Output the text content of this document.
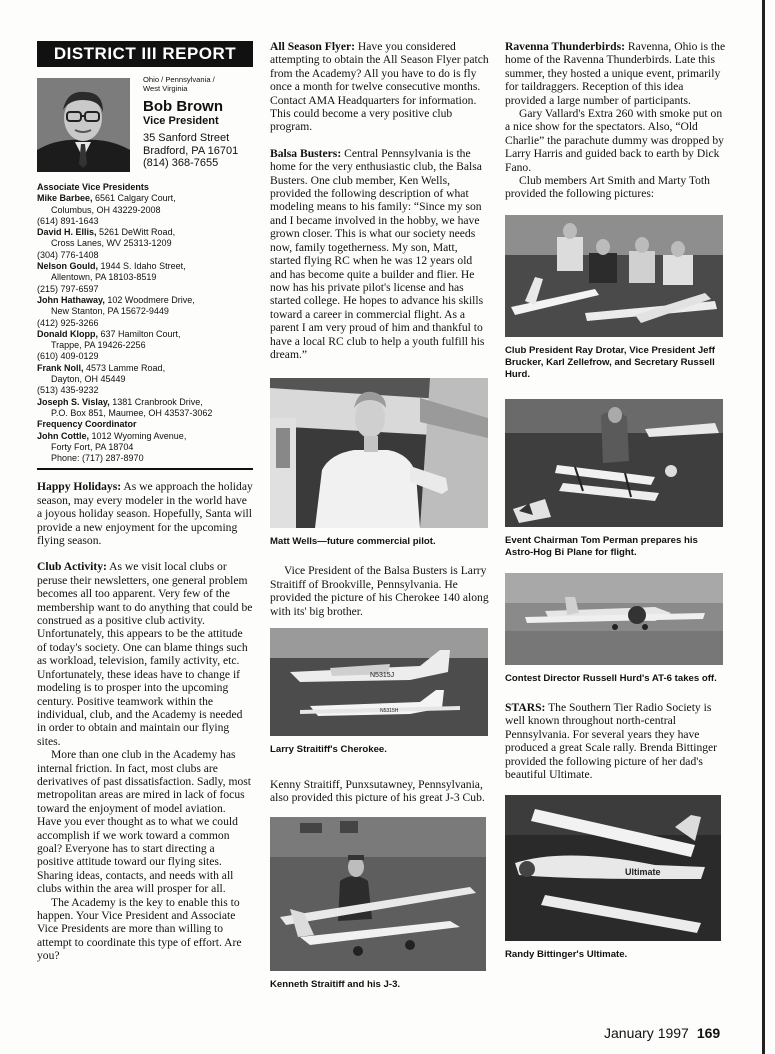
DISTRICT III REPORT
Ohio / Pennsylvania /
West Virginia
Bob Brown
Vice President
35 Sanford Street
Bradford, PA 16701
(814) 368-7655
Associate Vice Presidents
Mike Barbee, 6561 Calgary Court,
Columbus, OH 43229-2008
(614) 891-1643
David H. Ellis, 5261 DeWitt Road,
Cross Lanes, WV 25313-1209
(304) 776-1408
Nelson Gould, 1944 S. Idaho Street,
Allentown, PA 18103-8519
(215) 797-6597
John Hathaway, 102 Woodmere Drive,
New Stanton, PA 15672-9449
(412) 925-3266
Donald Klopp, 637 Hamilton Court,
Trappe, PA 19426-2256
(610) 409-0129
Frank Noll, 4573 Lamme Road,
Dayton, OH 45449
(513) 435-9232
Joseph S. Vislay, 1381 Cranbrook Drive,
P.O. Box 851, Maumee, OH 43537-3062
Frequency Coordinator
John Cottle, 1012 Wyoming Avenue,
Forty Fort, PA 18704
Phone: (717) 287-8970

Happy Holidays: As we approach the holiday season, may every modeler in the world have a joyous holiday season. Hopefully, Santa will provide a new enjoyment for the upcoming flying season.

Club Activity: As we visit local clubs or peruse their newsletters, one general problem becomes all too apparent. Very few of the membership want to do anything that could be construed as a positive club activity. Unfortunately, this appears to be the attitude of today's society. One can blame things such as workload, television, family activity, etc. Unfortunately, these ideas have to change if modeling is to prosper into the upcoming century. Positive teamwork within the individual, club, and the Academy is needed in order to obtain and maintain our flying sites.

More than one club in the Academy has internal friction. In fact, most clubs are derivatives of past dissatisfaction. Sadly, most metropolitan areas are mired in lack of focus toward the enjoyment of model aviation. Have you ever thought as to what we could accomplish if we work toward a common goal? Everyone has to start directing a positive attitude toward our flying sites. Sharing ideas, contacts, and needs with all clubs within the area will prosper for all.

The Academy is the key to enable this to happen. Your Vice President and Associate Vice Presidents are more than willing to attempt to coordinate this type of effort. Are you?

All Season Flyer: Have you considered attempting to obtain the All Season Flyer patch from the Academy? All you have to do is fly once a month for twelve consecutive months. Contact AMA Headquarters for information. This could become a very positive club program.

Balsa Busters: Central Pennsylvania is the home for the very enthusiastic club, the Balsa Busters. One club member, Ken Wells, provided the following description of what modeling means to his family: “Since my son and I became involved in the hobby, we have grown closer. This is what our society needs now, family togetherness. My son, Matt, started flying RC when he was 12 years old and has become quite a builder and flier. He now has his private pilot's license and has started college. He hopes to advance his skills toward a career in commercial flight. As a parent I am very proud of him and thankful to have a local RC club to help a youth fulfill his dream.”

Matt Wells—future commercial pilot.

Vice President of the Balsa Busters is Larry Straitiff of Brookville, Pennsylvania. He provided the picture of his Cherokee 140 along with its' big brother.

N5315J
N5315H

Larry Straitiff's Cherokee.

Kenny Straitiff, Punxsutawney, Pennsylvania, also provided this picture of his great J-3 Cub.

Kenneth Straitiff and his J-3.

Ravenna Thunderbirds: Ravenna, Ohio is the home of the Ravenna Thunderbirds. Late this summer, they hosted a unique event, primarily for taildraggers. Reception of this idea provided a large number of participants.

Gary Vallard's Extra 260 with smoke put on a nice show for the spectators. Also, “Old Charlie” the parachute dummy was dropped by Larry Harris and guided back to earth by Dick Fano.

Club members Art Smith and Marty Toth provided the following pictures:

Club President Ray Drotar, Vice President Jeff Brucker, Karl Zellefrow, and Secretary Russell Hurd.

Event Chairman Tom Perman prepares his Astro-Hog Bi Plane for flight.

Contest Director Russell Hurd's AT-6 takes off.

STARS: The Southern Tier Radio Society is well known throughout north-central Pennsylvania. For several years they have produced a great Scale rally. Brenda Bittinger provided the following picture of her dad's beautiful Ultimate.

Ultimate

Randy Bittinger's Ultimate.

January 1997 169
